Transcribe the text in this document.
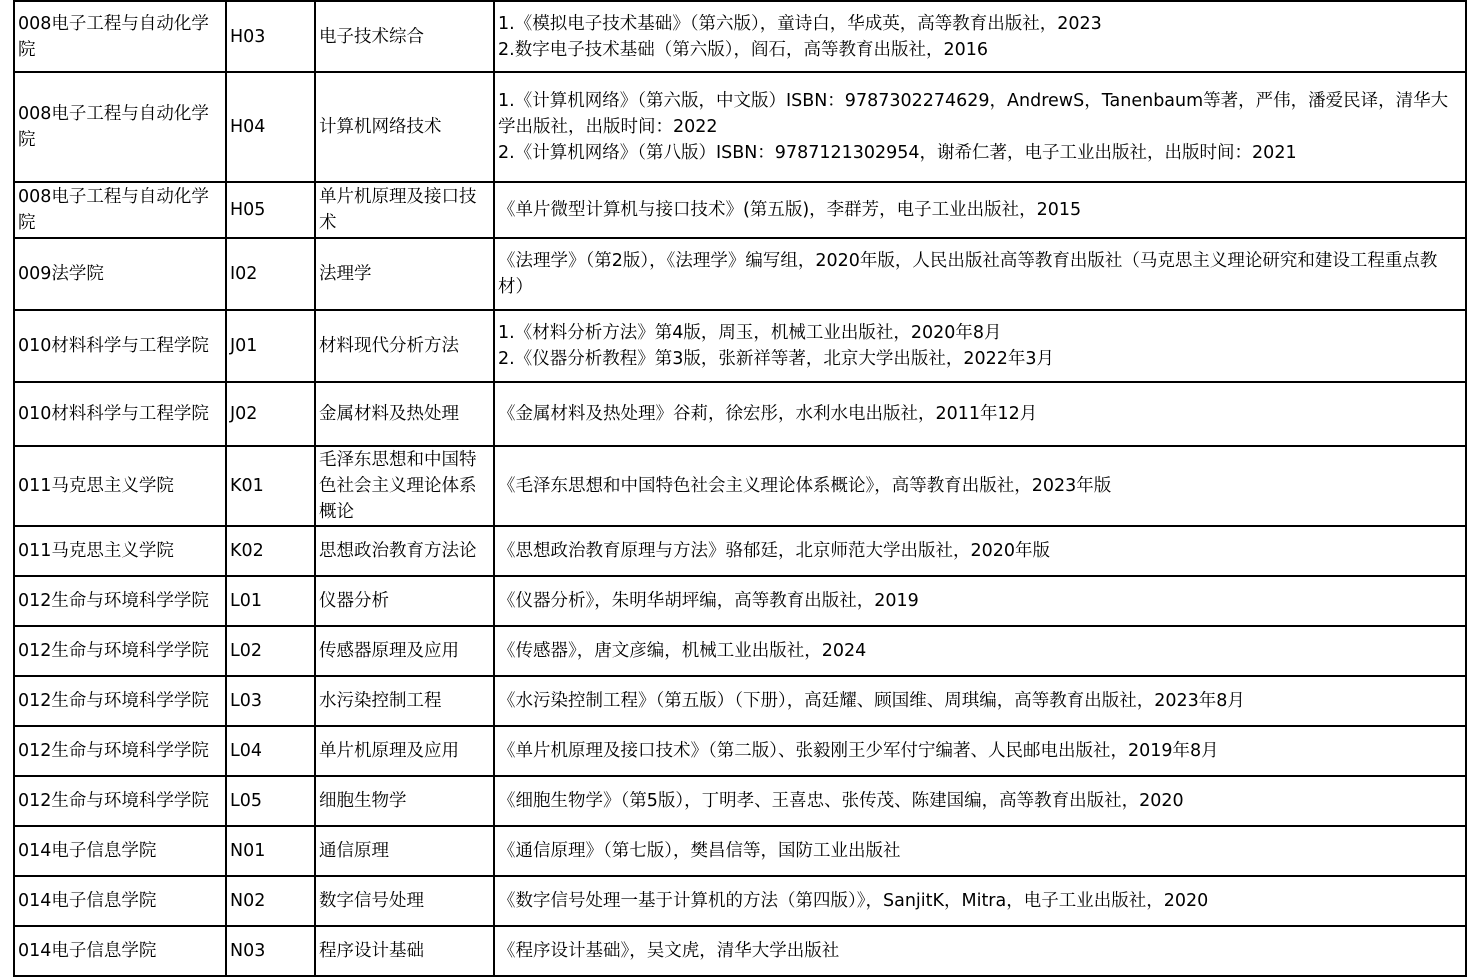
008电子工程与自动化学院	H03	电子技术综合	1.《模拟电子技术基础》（第六版），童诗白，华成英，高等教育出版社，2023
2.数字电子技术基础（第六版），阎石，高等教育出版社，2016

008电子工程与自动化学院	H04	计算机网络技术	1.《计算机网络》（第六版，中文版）ISBN：9787302274629，AndrewS，Tanenbaum等著，严伟，潘爱民译，清华大学出版社，出版时间：2022
2.《计算机网络》（第八版）ISBN：9787121302954，谢希仁著，电子工业出版社，出版时间：2021

008电子工程与自动化学院	H05	单片机原理及接口技术	《单片微型计算机与接口技术》(第五版)，李群芳，电子工业出版社，2015

009法学院	I02	法理学	《法理学》（第2版），《法理学》编写组，2020年版，人民出版社高等教育出版社（马克思主义理论研究和建设工程重点教材）

010材料科学与工程学院	J01	材料现代分析方法	1.《材料分析方法》第4版，周玉，机械工业出版社，2020年8月
2.《仪器分析教程》第3版，张新祥等著，北京大学出版社，2022年3月

010材料科学与工程学院	J02	金属材料及热处理	《金属材料及热处理》谷莉，徐宏彤，水利水电出版社，2011年12月

011马克思主义学院	K01	毛泽东思想和中国特色社会主义理论体系概论	《毛泽东思想和中国特色社会主义理论体系概论》，高等教育出版社，2023年版

011马克思主义学院	K02	思想政治教育方法论	《思想政治教育原理与方法》骆郁廷，北京师范大学出版社，2020年版

012生命与环境科学学院	L01	仪器分析	《仪器分析》，朱明华胡坪编，高等教育出版社，2019

012生命与环境科学学院	L02	传感器原理及应用	《传感器》，唐文彦编，机械工业出版社，2024

012生命与环境科学学院	L03	水污染控制工程	《水污染控制工程》（第五版）（下册），高廷耀、顾国维、周琪编，高等教育出版社，2023年8月

012生命与环境科学学院	L04	单片机原理及应用	《单片机原理及接口技术》（第二版）、张毅刚王少军付宁编著、人民邮电出版社，2019年8月

012生命与环境科学学院	L05	细胞生物学	《细胞生物学》（第5版），丁明孝、王喜忠、张传茂、陈建国编，高等教育出版社，2020

014电子信息学院	N01	通信原理	《通信原理》（第七版），樊昌信等，国防工业出版社

014电子信息学院	N02	数字信号处理	《数字信号处理一基于计算机的方法（第四版）》，SanjitK，Mitra，电子工业出版社，2020

014电子信息学院	N03	程序设计基础	《程序设计基础》，吴文虎，清华大学出版社
